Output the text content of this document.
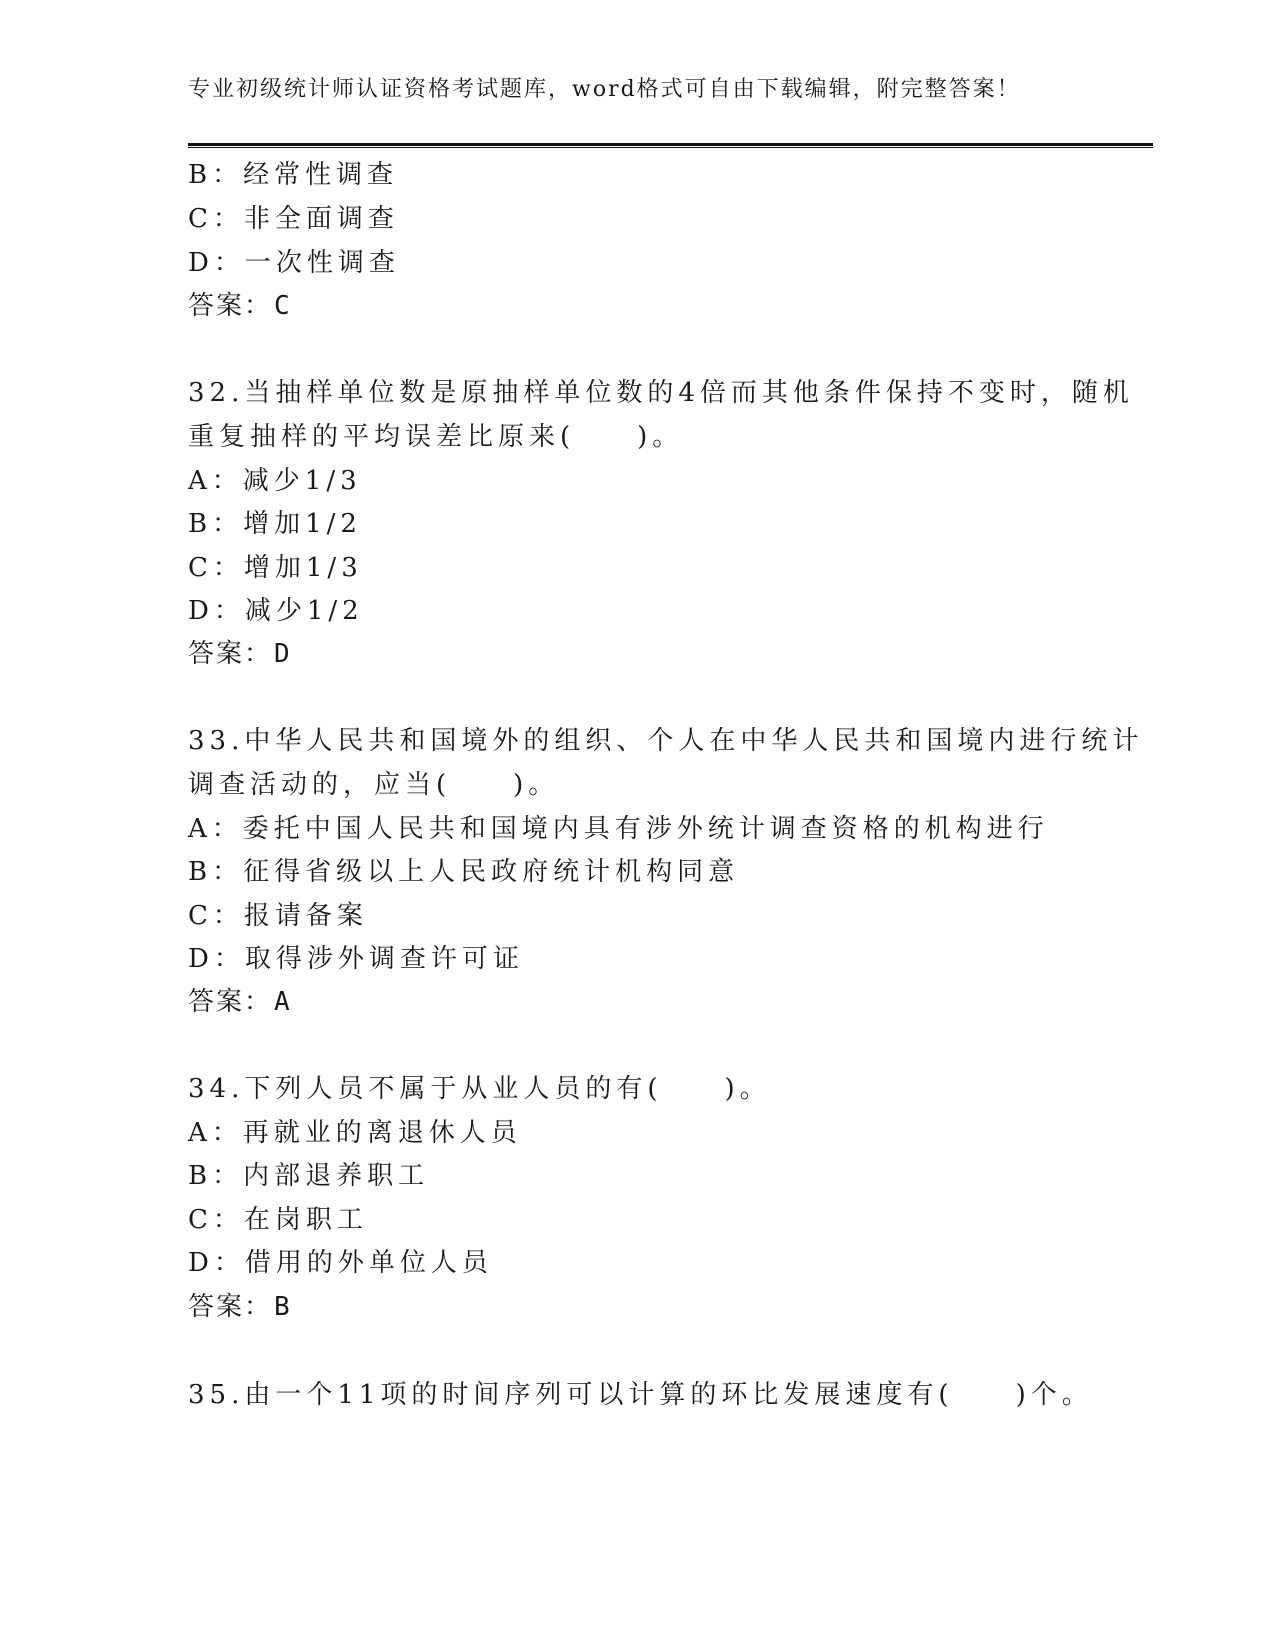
专业初级统计师认证资格考试题库，word格式可自由下载编辑，附完整答案！
B：经常性调查
C：非全面调查
D：一次性调查
答案：C
32.当抽样单位数是原抽样单位数的4倍而其他条件保持不变时，随机
重复抽样的平均误差比原来(　　)。
A：减少1/3
B：增加1/2
C：增加1/3
D：减少1/2
答案：D
33.中华人民共和国境外的组织、个人在中华人民共和国境内进行统计
调查活动的，应当(　　)。
A：委托中国人民共和国境内具有涉外统计调查资格的机构进行
B：征得省级以上人民政府统计机构同意
C：报请备案
D：取得涉外调查许可证
答案：A
34.下列人员不属于从业人员的有(　　)。
A：再就业的离退休人员
B：内部退养职工
C：在岗职工
D：借用的外单位人员
答案：B
35.由一个11项的时间序列可以计算的环比发展速度有(　　)个。
